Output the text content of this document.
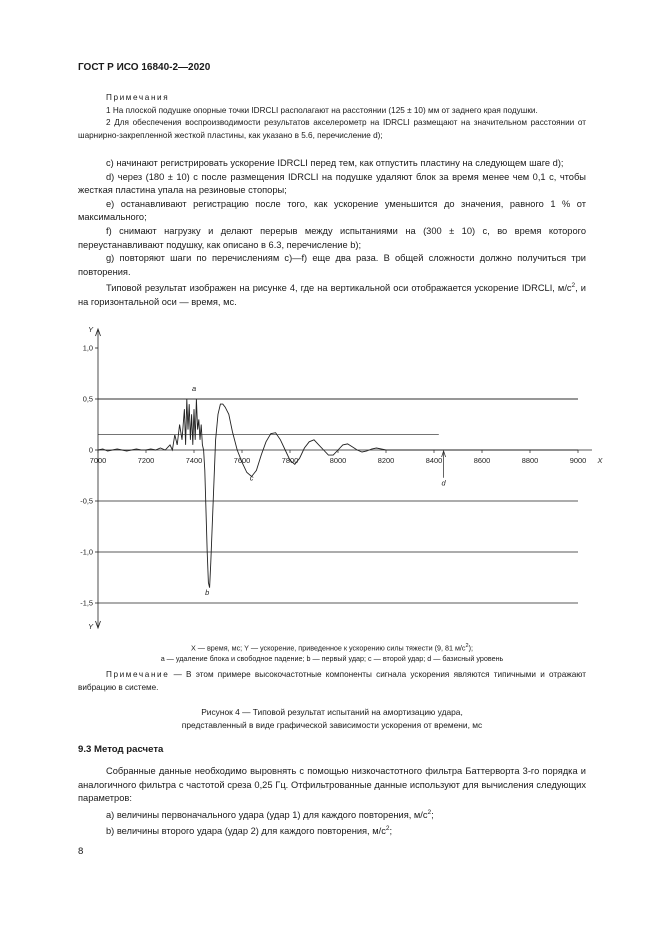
ГОСТ Р ИСО 16840-2—2020
Примечания
1 На плоской подушке опорные точки IDRCLI располагают на расстоянии (125 ± 10) мм от заднего края подушки.
2 Для обеспечения воспроизводимости результатов акселерометр на IDRCLI размещают на значительном расстоянии от шарнирно-закрепленной жесткой пластины, как указано в 5.6, перечисление d);
c) начинают регистрировать ускорение IDRCLI перед тем, как отпустить пластину на следующем шаге d);
d) через (180 ± 10) с после размещения IDRCLI на подушке удаляют блок за время менее чем 0,1 с, чтобы жесткая пластина упала на резиновые стопоры;
e) останавливают регистрацию после того, как ускорение уменьшится до значения, равного 1 % от максимального;
f) снимают нагрузку и делают перерыв между испытаниями на (300 ± 10) с, во время которого переустанавливают подушку, как описано в 6.3, перечисление b);
g) повторяют шаги по перечислениям c)—f) еще два раза. В общей сложности должно получиться три повторения.
Типовой результат изображен на рисунке 4, где на вертикальной оси отображается ускорение IDRCLI, $м/с^2$, и на горизонтальной оси — время, мс.
Y
Y
X
1,0
0,5
0
-0,5
-1,0
-1,5
7000	7200	7400	7600	7800	8000	8200	8400	8600	8800	9000
a
b
c
d
X — время, мс; Y — ускорение, приведенное к ускорению силы тяжести (9, 81 $м/с^2$);
a — удаление блока и свободное падение; b — первый удар; c — второй удар; d — базисный уровень
Примечание — В этом примере высокочастотные компоненты сигнала ускорения являются типичными и отражают вибрацию в системе.
Рисунок 4 — Типовой результат испытаний на амортизацию удара,
представленный в виде графической зависимости ускорения от времени, мс
9.3 Метод расчета
Собранные данные необходимо выровнять с помощью низкочастотного фильтра Баттерворта 3-го порядка и аналогичного фильтра с частотой среза 0,25 Гц. Отфильтрованные данные используют для вычисления следующих параметров:
a) величины первоначального удара (удар 1) для каждого повторения, $м/с^2$;
b) величины второго удара (удар 2) для каждого повторения, $м/с^2$;
8
